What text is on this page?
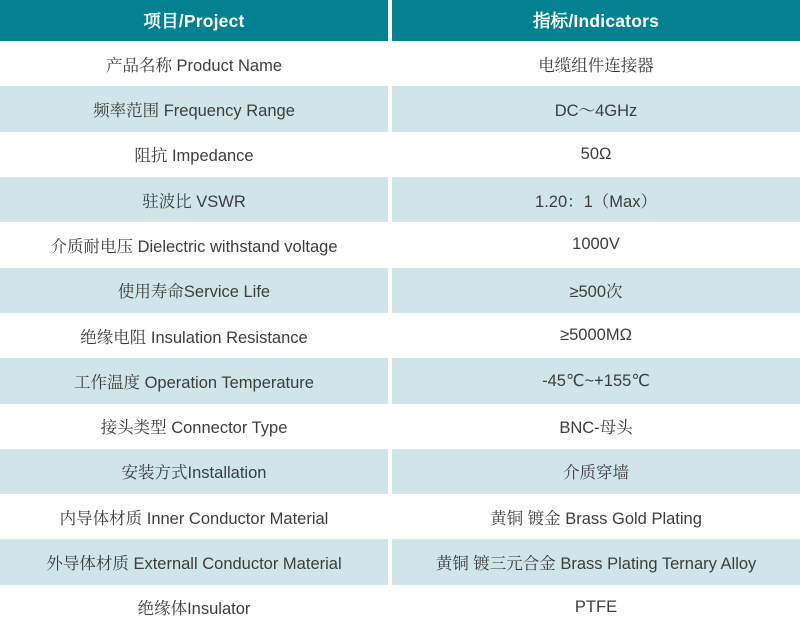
项目/Project	指标/Indicators
产品名称 Product Name	电缆组件连接器
频率范围 Frequency Range	DC～4GHz
阻抗 Impedance	50Ω
驻波比 VSWR	1.20：1（Max）
介质耐电压 Dielectric withstand voltage	1000V
使用寿命Service Life	≥500次
绝缘电阻 Insulation Resistance	≥5000MΩ
工作温度 Operation Temperature	-45℃~+155℃
接头类型 Connector Type	BNC-母头
安装方式Installation	介质穿墙
内导体材质 Inner Conductor Material	黄铜 镀金 Brass Gold Plating
外导体材质 Externall Conductor Material	黄铜 镀三元合金 Brass Plating Ternary Alloy
绝缘体Insulator	PTFE
